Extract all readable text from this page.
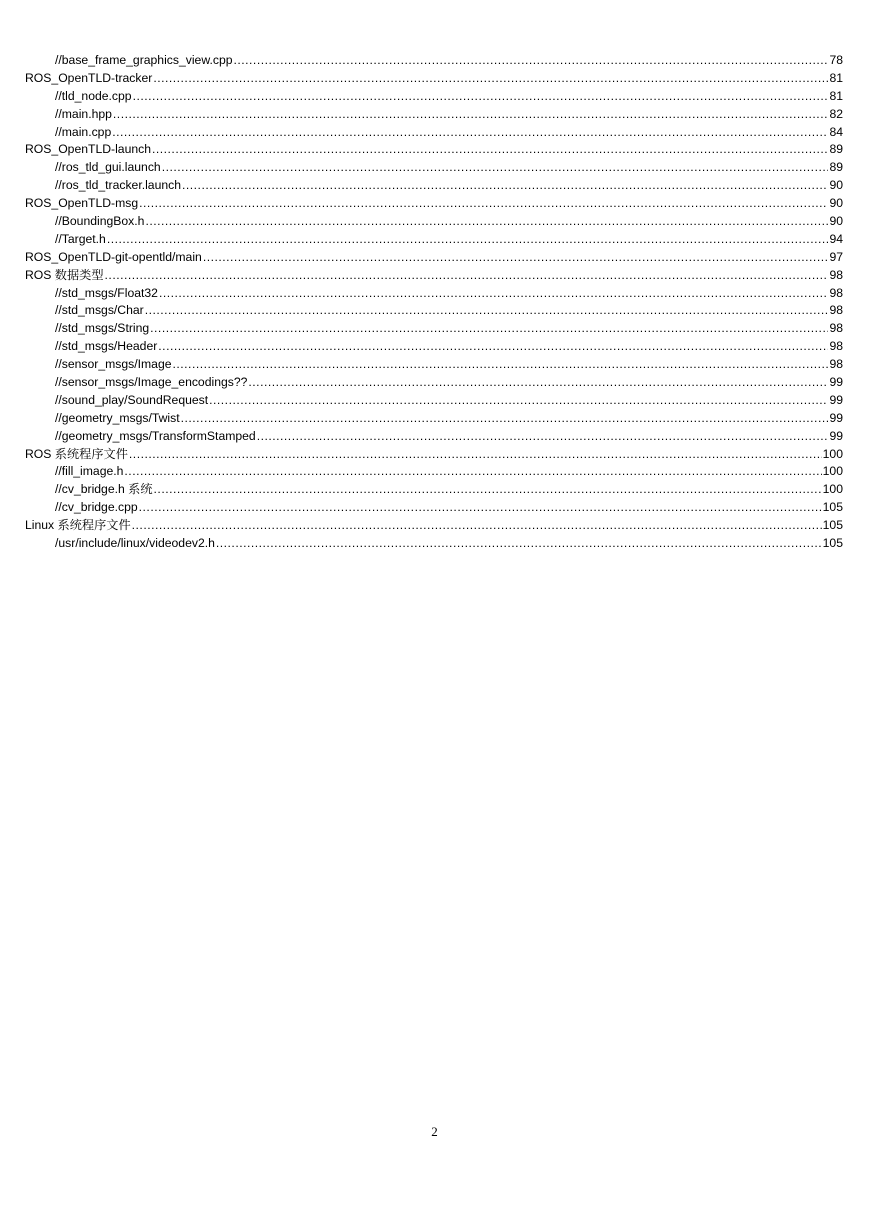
//base_frame_graphics_view.cpp .....	78
ROS_OpenTLD-tracker .....	81
//tld_node.cpp .....	81
//main.hpp .....	82
//main.cpp .....	84
ROS_OpenTLD-launch .....	89
//ros_tld_gui.launch .....	89
//ros_tld_tracker.launch .....	90
ROS_OpenTLD-msg .....	90
//BoundingBox.h .....	90
//Target.h .....	94
ROS_OpenTLD-git-opentld/main .....	97
ROS 数据类型 .....	98
//std_msgs/Float32 .....	98
//std_msgs/Char .....	98
//std_msgs/String .....	98
//std_msgs/Header .....	98
//sensor_msgs/Image .....	98
//sensor_msgs/Image_encodings?? .....	99
//sound_play/SoundRequest .....	99
//geometry_msgs/Twist .....	99
//geometry_msgs/TransformStamped .....	99
ROS 系统程序文件 .....	100
//fill_image.h .....	100
//cv_bridge.h 系统 .....	100
//cv_bridge.cpp .....	105
Linux 系统程序文件 .....	105
/usr/include/linux/videodev2.h .....	105
2
